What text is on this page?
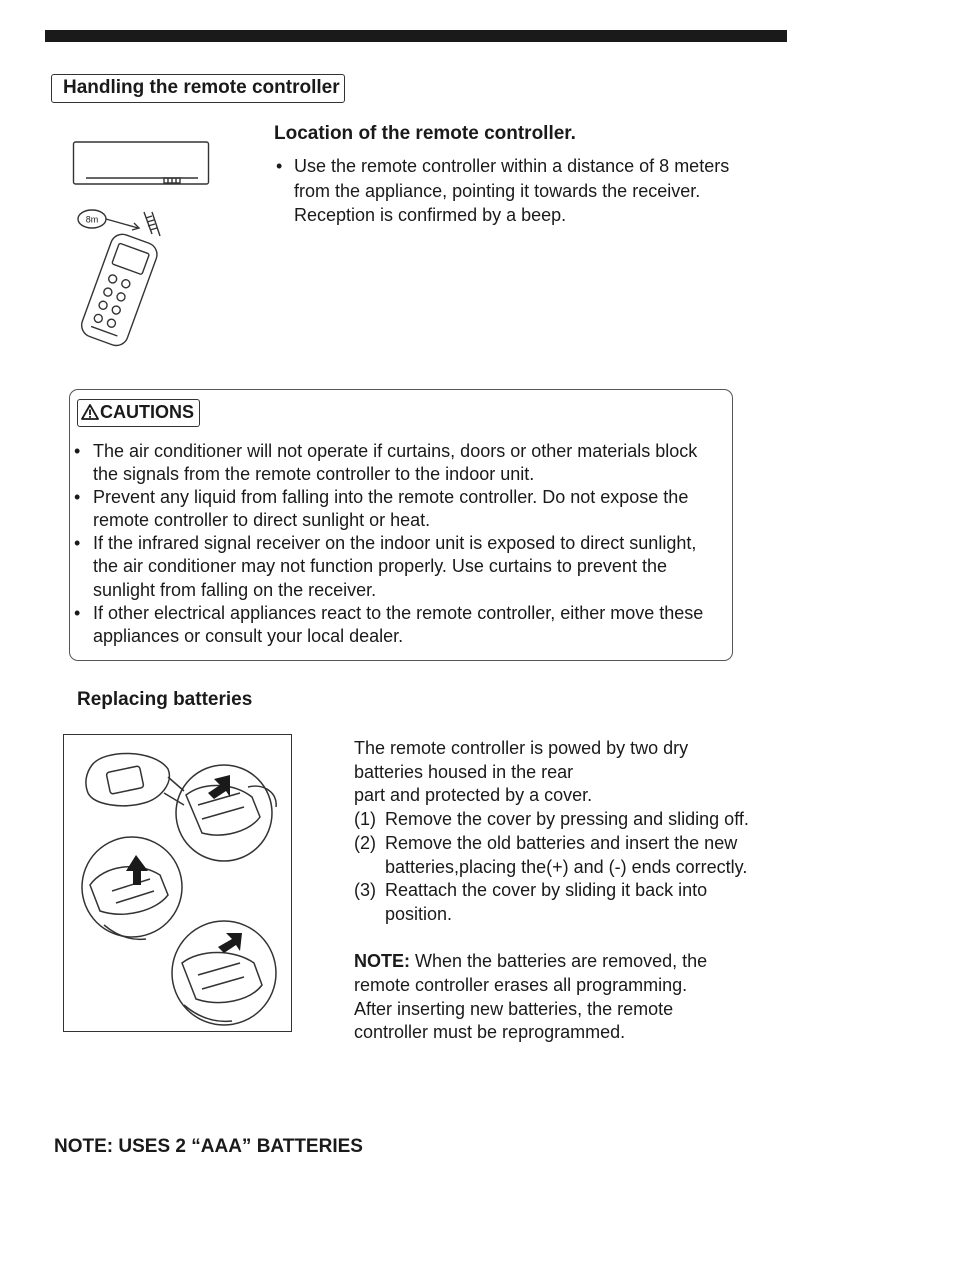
Handling the remote controller
8m
Location of the remote controller.
• Use the remote controller within a distance of 8 meters from the appliance, pointing it towards the receiver. Reception is confirmed by a beep.
CAUTIONS
• The air conditioner will not operate if curtains, doors or other materials block the signals from the remote controller to the indoor unit.
• Prevent any liquid from falling into the remote controller. Do not expose the remote controller to direct sunlight or heat.
• If the infrared signal receiver on the indoor unit is exposed to direct sunlight, the air conditioner may not function properly. Use curtains to prevent the sunlight from falling on the receiver.
• If other electrical appliances react to the remote controller, either move these appliances or consult your local dealer.
Replacing batteries
The remote controller is powed by two dry
batteries housed in the rear
part and protected by a cover.
(1) Remove the cover by pressing and sliding off.
(2) Remove the old batteries and insert the new
batteries,placing the(+) and (-) ends correctly.
(3) Reattach the cover by sliding it back into
position.
NOTE: When the batteries are removed, the
remote controller erases all programming.
After inserting new batteries, the remote
controller must be reprogrammed.
NOTE: USES 2 “AAA” BATTERIES
